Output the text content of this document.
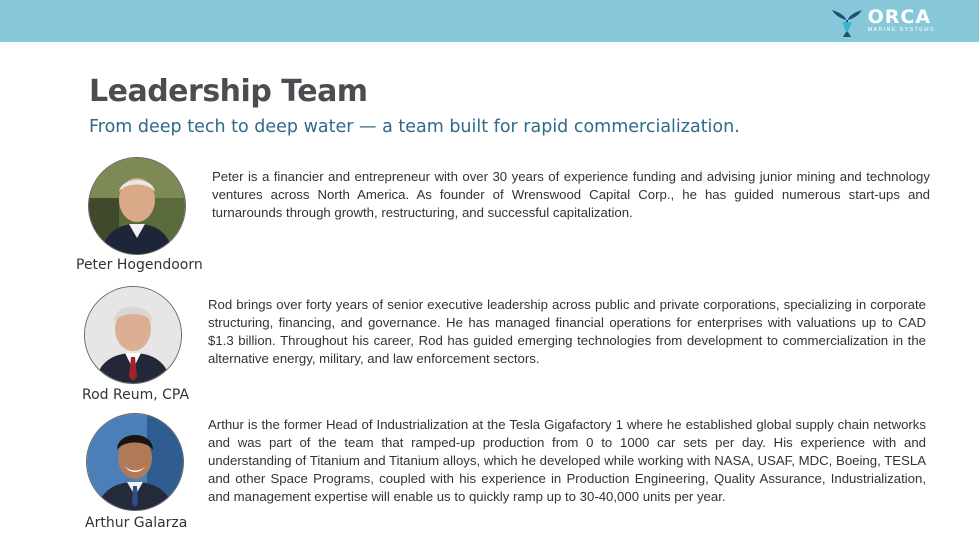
ORCA
MARINE SYSTEMS
Leadership Team

From deep tech to deep water — a team built for rapid commercialization.

Peter Hogendoorn

Peter is a financier and entrepreneur with over 30 years of experience funding and advising junior mining and technology ventures across North America. As founder of Wrenswood Capital Corp., he has guided numerous start-ups and turnarounds through growth, restructuring, and successful capitalization.

Rod Reum, CPA

Rod brings over forty years of senior executive leadership across public and private corporations, specializing in corporate structuring, financing, and governance. He has managed financial operations for enterprises with valuations up to CAD $1.3 billion. Throughout his career, Rod has guided emerging technologies from development to commercialization in the alternative energy, military, and law enforcement sectors.

Arthur Galarza

Arthur is the former Head of Industrialization at the Tesla Gigafactory 1 where he established global supply chain networks and was part of the team that ramped-up production from 0 to 1000 car sets per day. His experience with and understanding of Titanium and Titanium alloys, which he developed while working with NASA, USAF, MDC, Boeing, TESLA and other Space Programs, coupled with his experience in Production Engineering, Quality Assurance, Industrialization, and management expertise will enable us to quickly ramp up to 30-40,000 units per year.
